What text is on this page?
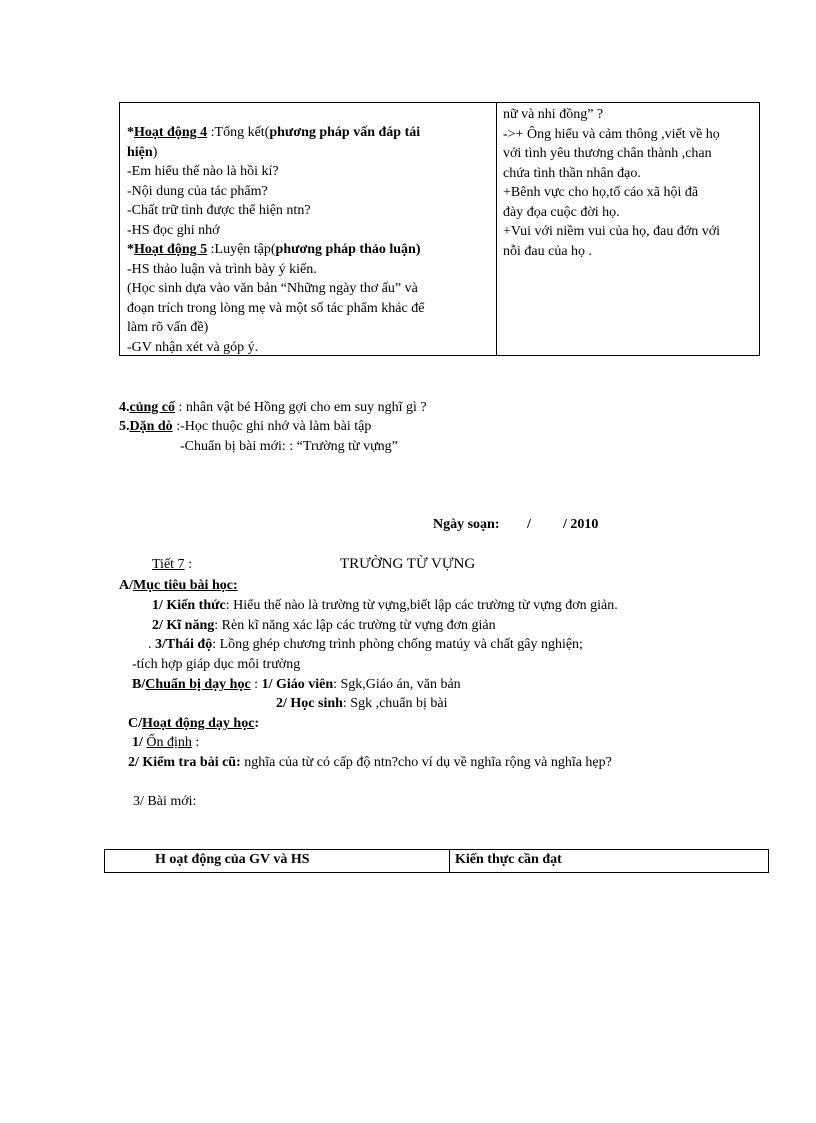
*Hoạt động 4 :Tổng kết(phương pháp vấn đáp tái
hiện)
-Em hiểu thế nào là hồi kí?
-Nội dung của tác phẩm?
-Chất trữ tình được thể hiện ntn?
-HS đọc ghi nhớ
*Hoạt động 5 :Luyện tập(phương pháp thảo luận)
-HS thảo luận và trình bày ý kiến.
(Học sinh dựa vào văn bản “Những ngày thơ ấu” và
đoạn trích trong lòng mẹ và một số tác phẩm khác để
làm rõ vấn đề)
-GV nhận xét và góp ý.
nữ và nhi đồng” ?
->+ Ông hiểu và cảm thông ,viết về họ
với tình yêu thương chân thành ,chan
chứa tình thần nhân đạo.
+Bênh vực cho họ,tố cáo xã hội đã
đày đọa cuộc đời họ.
+Vui với niềm vui của họ, đau đớn với
nỗi đau của họ .
4.củng cố : nhân vật bé Hồng gợi cho em suy nghĩ gì ?
5.Dặn dò :-Học thuộc ghi nhớ và làm bài tập
-Chuẩn bị bài mới: : “Trường từ vựng”
Ngày soạn: / / 2010
Tiết 7 :	TRƯỜNG TỪ VỰNG
A/Mục tiêu bài học:
1/ Kiến thức: Hiểu thế nào là trường từ vựng,biết lập các trường từ vựng đơn giản.
2/ Kĩ năng: Rèn kĩ năng xác lập các trường từ vựng đơn giản
. 3/Thái độ: Lồng ghép chương trình phòng chống matúy và chất gây nghiện;
-tích hợp giáp dục môi trường
B/Chuẩn bị dạy học : 1/ Giáo viên: Sgk,Giáo án, văn bản
2/ Học sinh: Sgk ,chuẩn bị bài
C/Hoạt động dạy học:
1/ Ổn định :
2/ Kiểm tra bài cũ: nghĩa của từ có cấp độ ntn?cho ví dụ về nghĩa rộng và nghĩa hẹp?
3/ Bài mới:
H oạt động của GV và HS	Kiến thực cần đạt
